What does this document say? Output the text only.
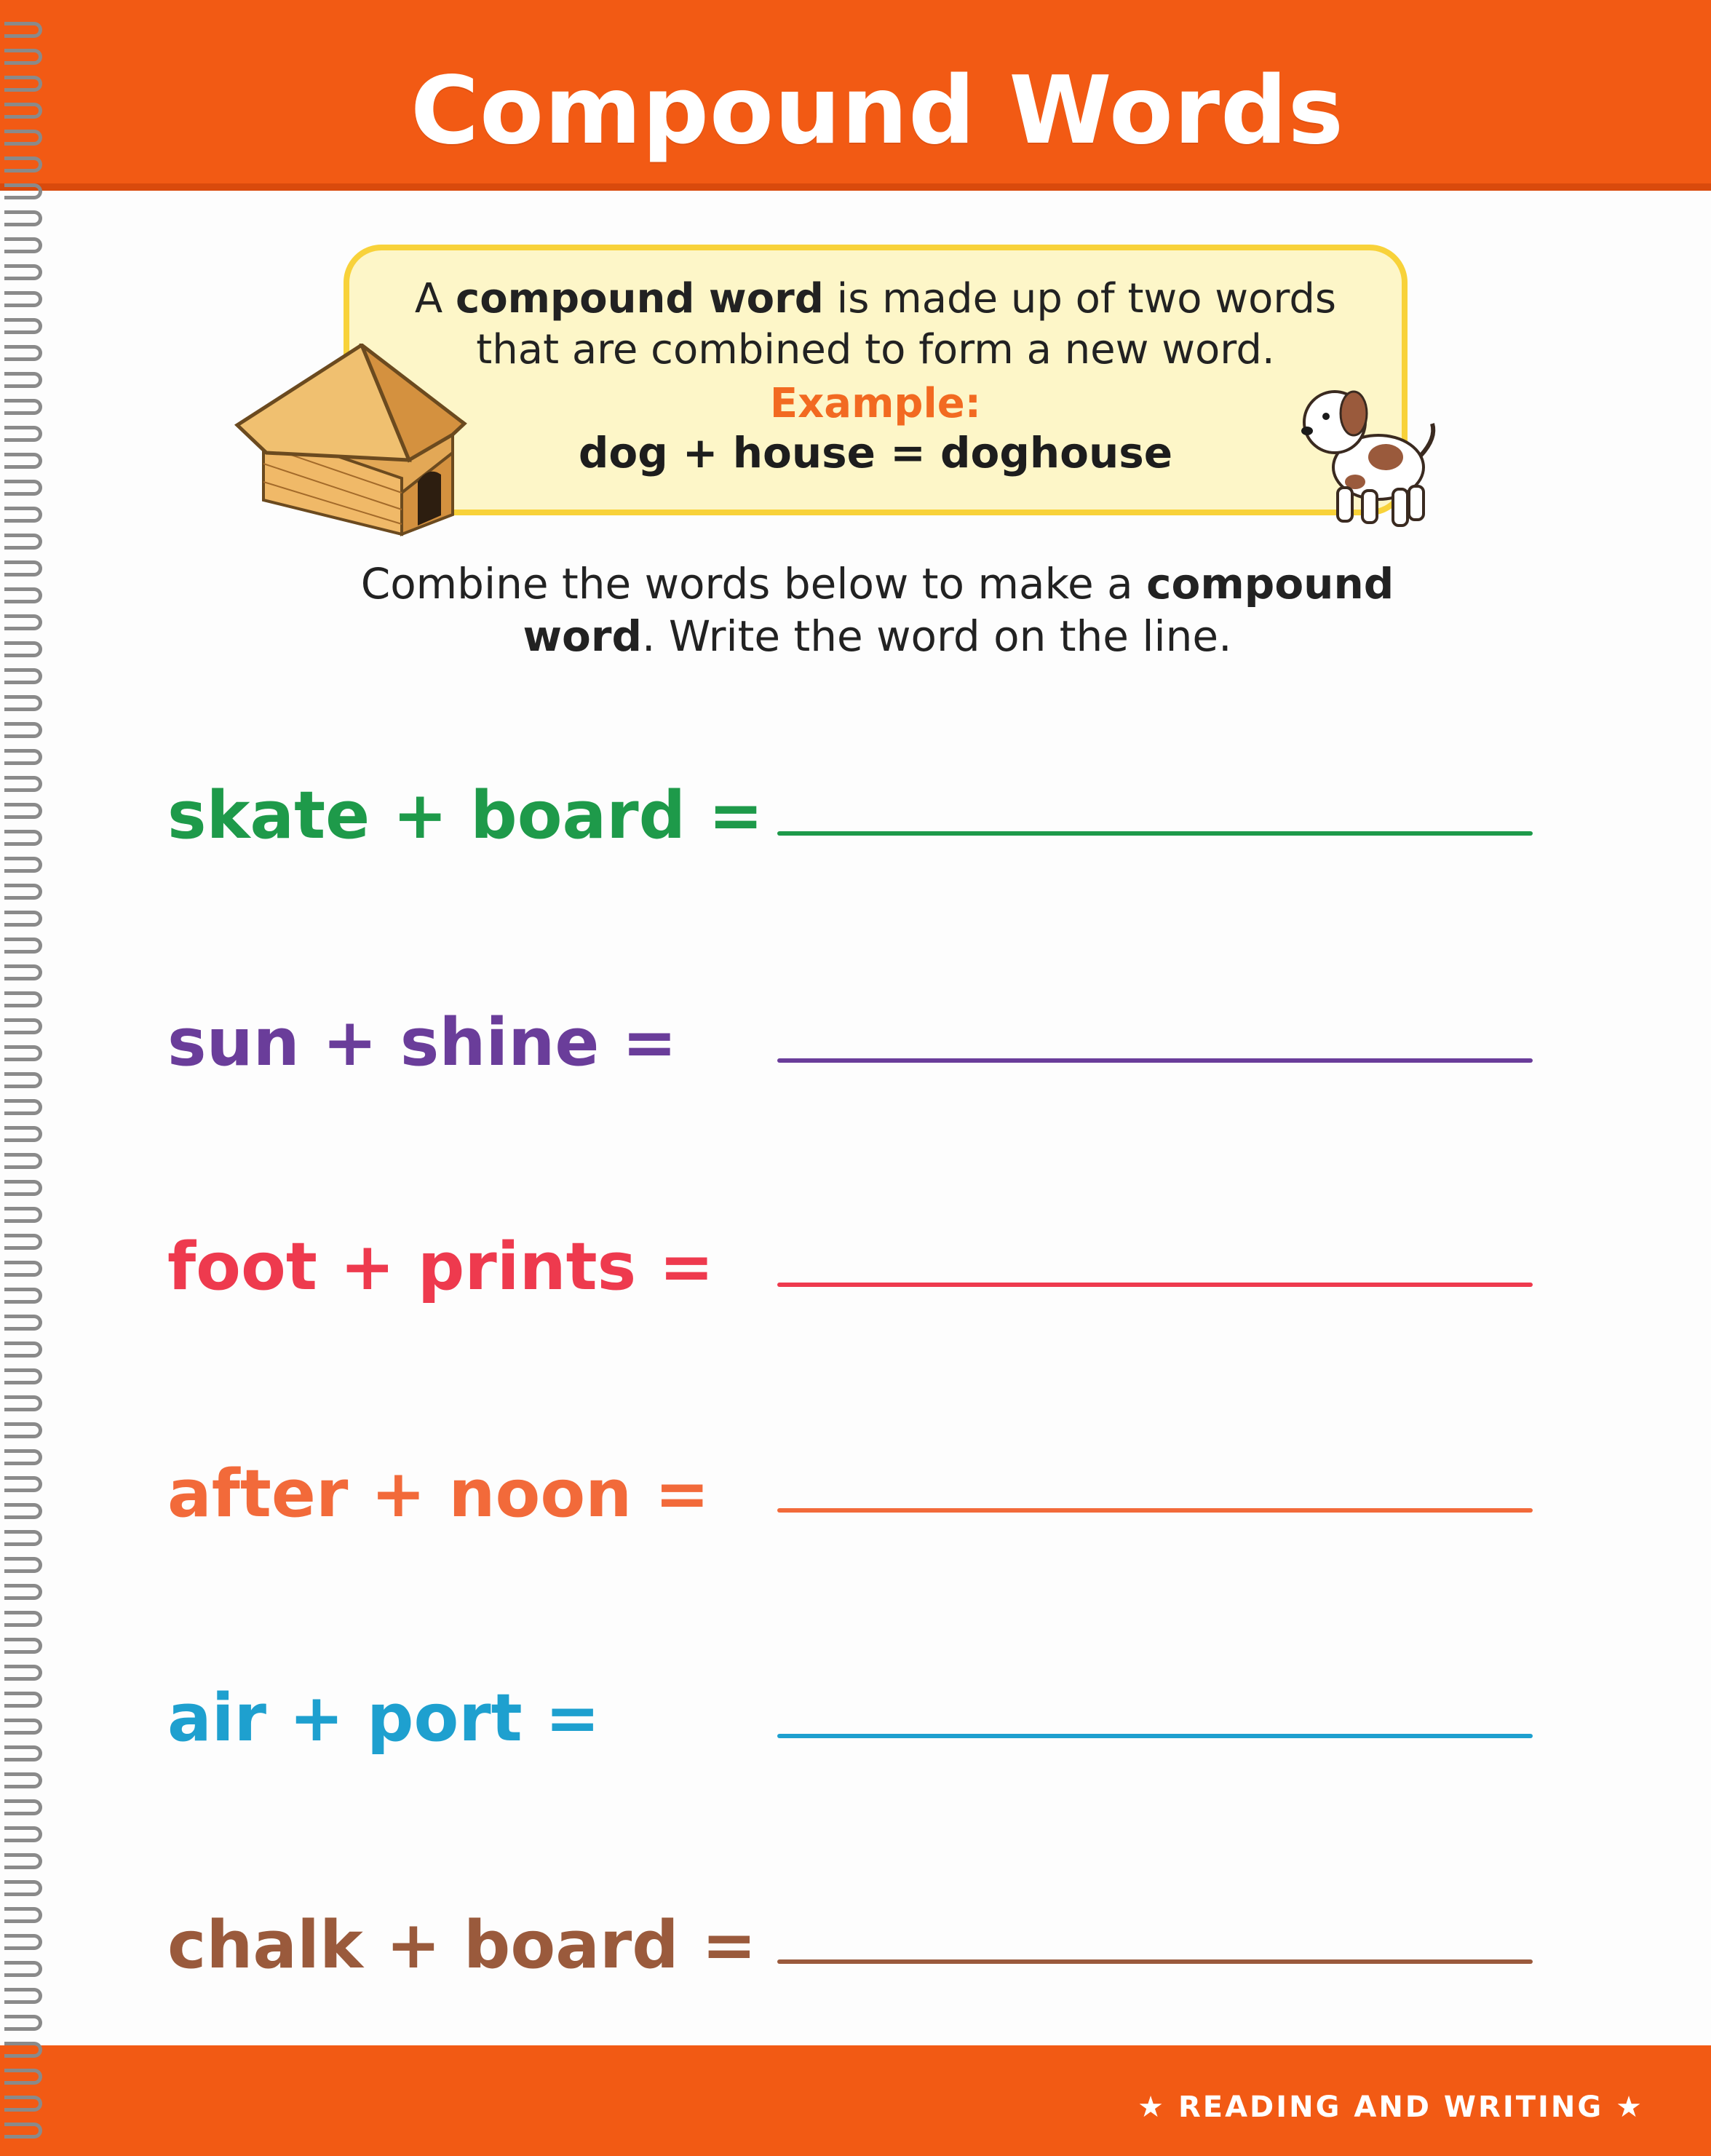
Compound Words
A compound word is made up of two words
that are combined to form a new word.
Example:
dog + house = doghouse
Combine the words below to make a compound
word. Write the word on the line.
skate + board =
sun + shine =
foot + prints =
after + noon =
air + port =
chalk + board =
★ READING AND WRITING ★
